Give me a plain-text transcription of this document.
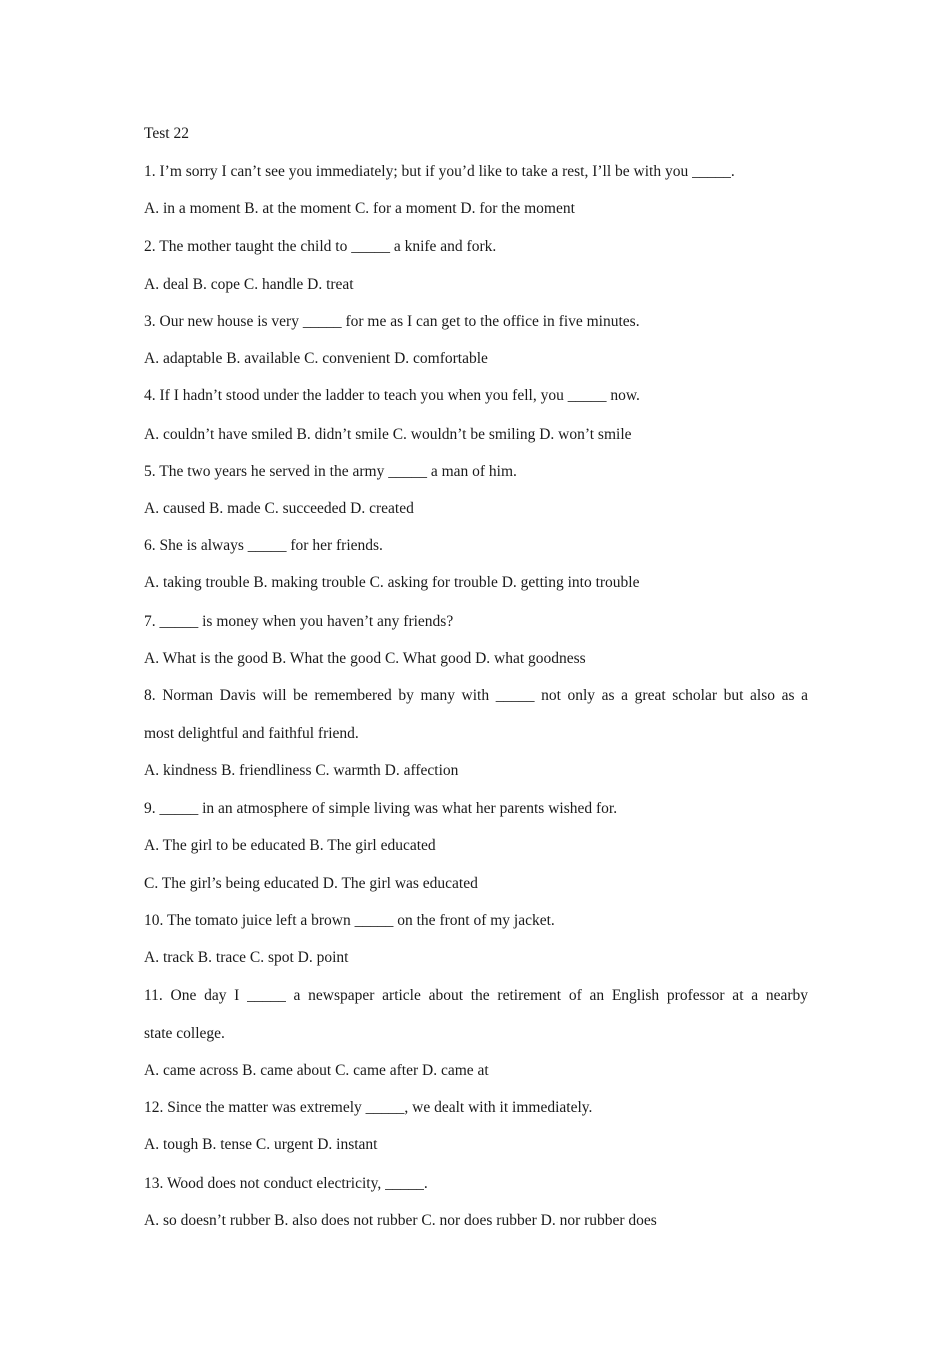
Test 22
1. I’m sorry I can’t see you immediately; but if you’d like to take a rest, I’ll be with you _____.
A. in a moment B. at the moment C. for a moment D. for the moment
2. The mother taught the child to _____ a knife and fork.
A. deal B. cope C. handle D. treat
3. Our new house is very _____ for me as I can get to the office in five minutes.
A. adaptable B. available C. convenient D. comfortable
4. If I hadn’t stood under the ladder to teach you when you fell, you _____ now.
A. couldn’t have smiled B. didn’t smile C. wouldn’t be smiling D. won’t smile
5. The two years he served in the army _____ a man of him.
A. caused B. made C. succeeded D. created
6. She is always _____ for her friends.
A. taking trouble B. making trouble C. asking for trouble D. getting into trouble
7. _____ is money when you haven’t any friends?
A. What is the good B. What the good C. What good D. what goodness
8. Norman Davis will be remembered by many with _____ not only as a great scholar but also as a
most delightful and faithful friend.
A. kindness B. friendliness C. warmth D. affection
9. _____ in an atmosphere of simple living was what her parents wished for.
A. The girl to be educated B. The girl educated
C. The girl’s being educated D. The girl was educated
10. The tomato juice left a brown _____ on the front of my jacket.
A. track B. trace C. spot D. point
11. One day I _____ a newspaper article about the retirement of an English professor at a nearby
state college.
A. came across B. came about C. came after D. came at
12. Since the matter was extremely _____, we dealt with it immediately.
A. tough B. tense C. urgent D. instant
13. Wood does not conduct electricity, _____.
A. so doesn’t rubber B. also does not rubber C. nor does rubber D. nor rubber does
